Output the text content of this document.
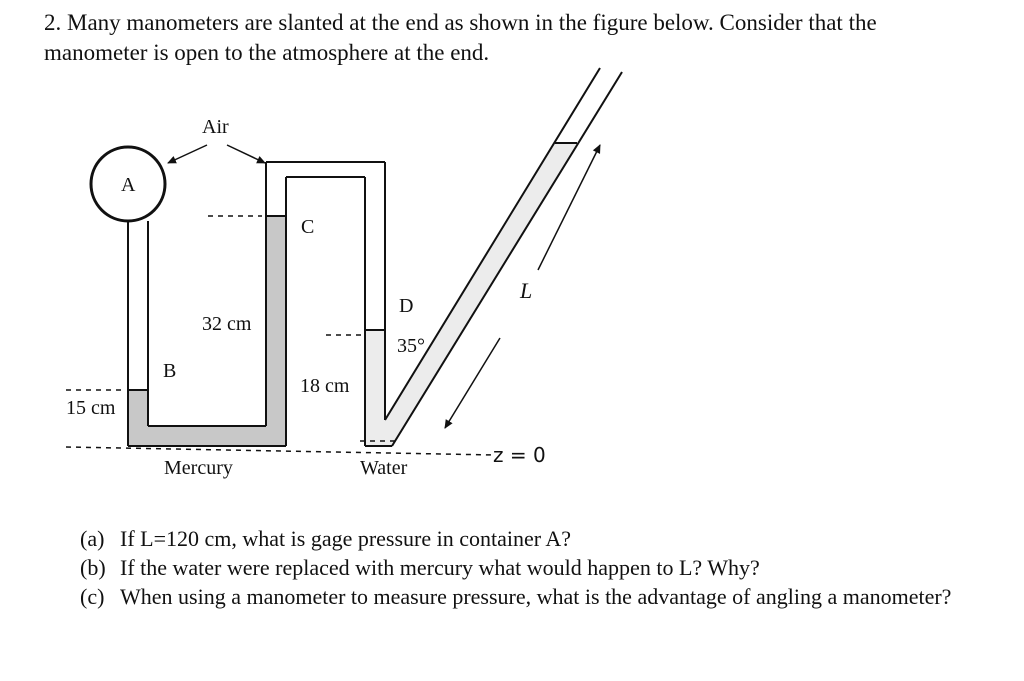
2. Many manometers are slanted at the end as shown in the figure below. Consider that the manometer is open to the atmosphere at the end.
Air
A
C
D
32 cm
35°
B
18 cm
15 cm
Mercury	Water
L
z = 0
(a) If L=120 cm, what is gage pressure in container A?
(b) If the water were replaced with mercury what would happen to L? Why?
(c) When using a manometer to measure pressure, what is the advantage of angling a manometer?
